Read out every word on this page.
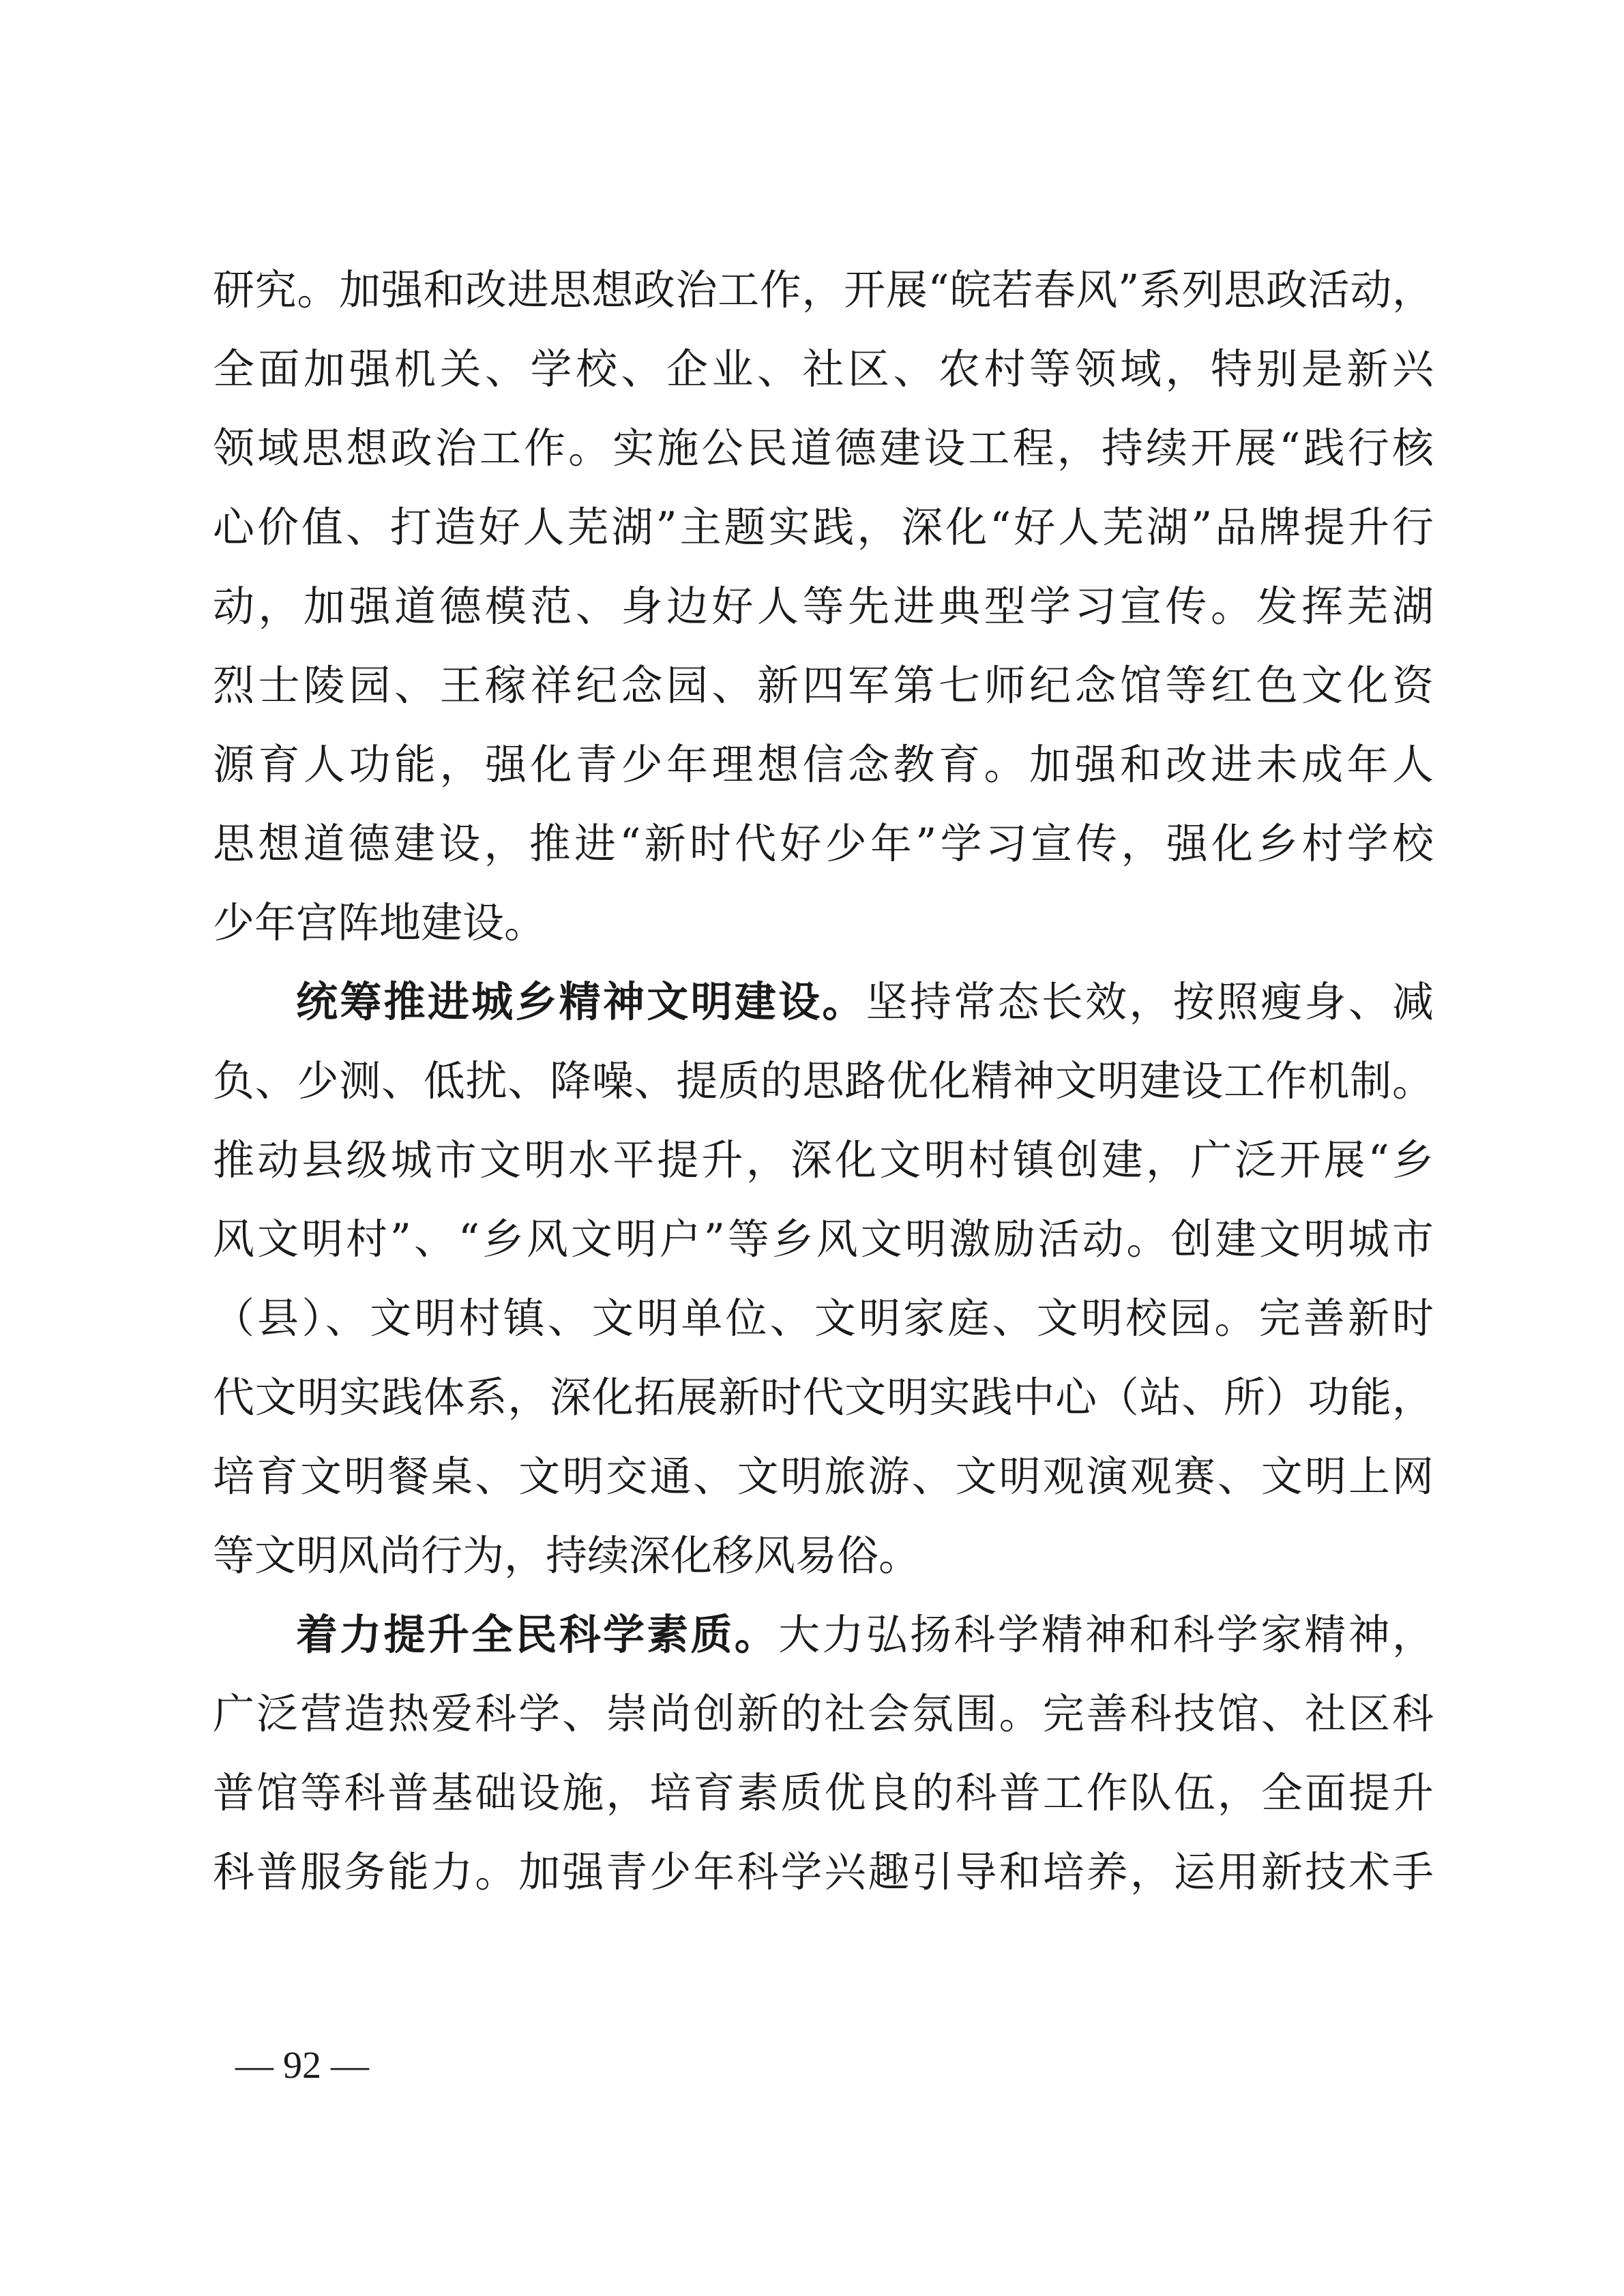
研究。加强和改进思想政治工作，开展“皖若春风”系列思政活动，
全面加强机关、学校、企业、社区、农村等领域，特别是新兴
领域思想政治工作。实施公民道德建设工程，持续开展“践行核
心价值、打造好人芜湖”主题实践，深化“好人芜湖”品牌提升行
动，加强道德模范、身边好人等先进典型学习宣传。发挥芜湖
烈士陵园、王稼祥纪念园、新四军第七师纪念馆等红色文化资
源育人功能，强化青少年理想信念教育。加强和改进未成年人
思想道德建设，推进“新时代好少年”学习宣传，强化乡村学校
少年宫阵地建设。
统筹推进城乡精神文明建设。坚持常态长效，按照瘦身、减
负、少测、低扰、降噪、提质的思路优化精神文明建设工作机制。
推动县级城市文明水平提升，深化文明村镇创建，广泛开展“乡
风文明村”、“乡风文明户”等乡风文明激励活动。创建文明城市
（县）、文明村镇、文明单位、文明家庭、文明校园。完善新时
代文明实践体系，深化拓展新时代文明实践中心（站、所）功能，
培育文明餐桌、文明交通、文明旅游、文明观演观赛、文明上网
等文明风尚行为，持续深化移风易俗。
着力提升全民科学素质。大力弘扬科学精神和科学家精神，
广泛营造热爱科学、崇尚创新的社会氛围。完善科技馆、社区科
普馆等科普基础设施，培育素质优良的科普工作队伍，全面提升
科普服务能力。加强青少年科学兴趣引导和培养，运用新技术手
— 92 —
